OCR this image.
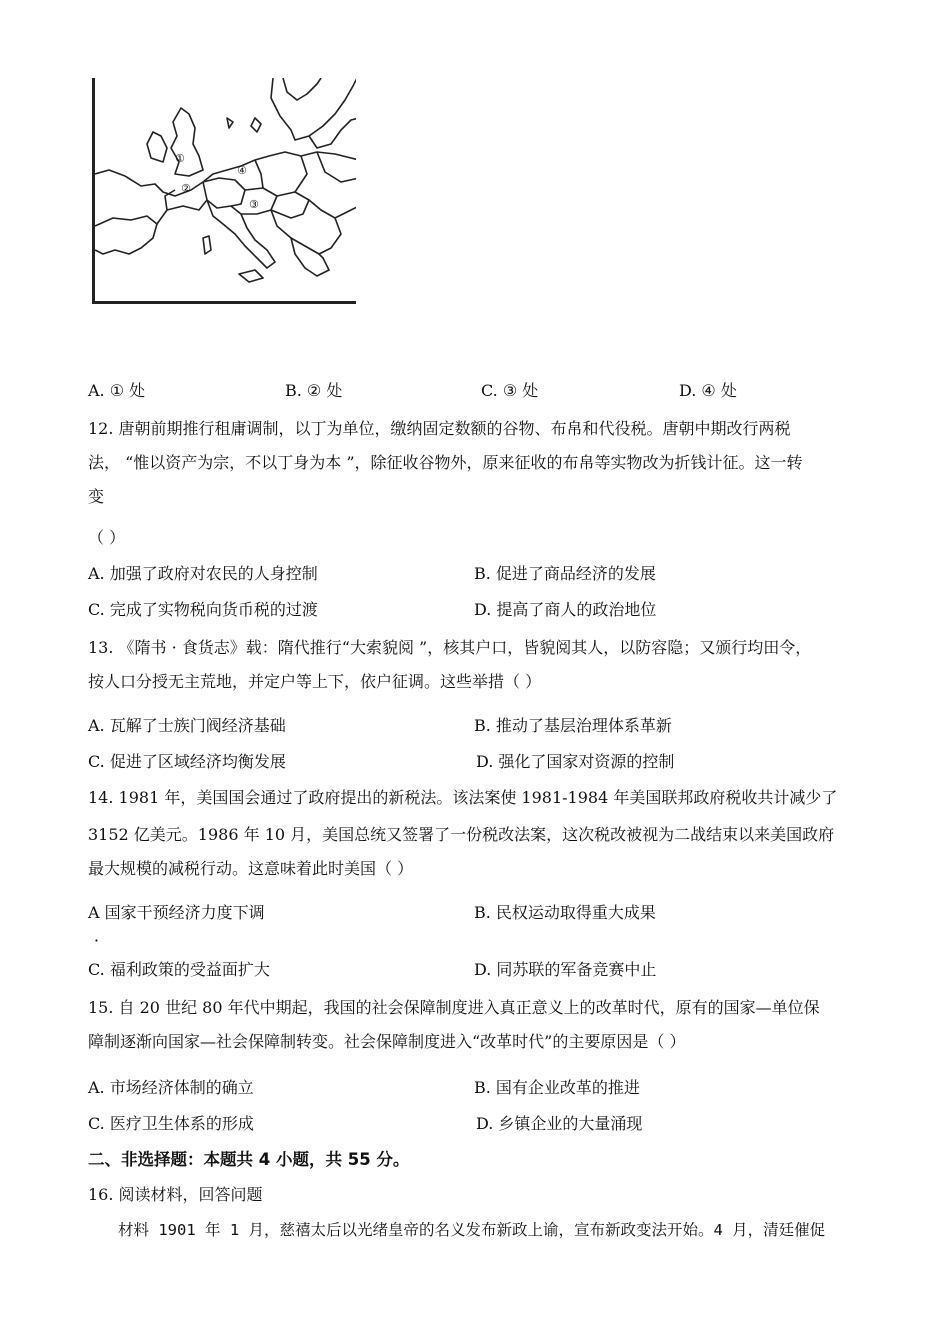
①
②
③
④
A. ① 处	B. ② 处	C. ③ 处	D. ④ 处
12. 唐朝前期推行租庸调制，以丁为单位，缴纳固定数额的谷物、布帛和代役税。唐朝中期改行两税
法， “惟以资产为宗，不以丁身为本 ”，除征收谷物外，原来征收的布帛等实物改为折钱计征。这一转
变
（ ）
A. 加强了政府对农民的人身控制	B. 促进了商品经济的发展
C. 完成了实物税向货币税的过渡	D. 提高了商人的政治地位
13. 《隋书 · 食货志》载：隋代推行“大索貌阅 ”，核其户口，皆貌阅其人，以防容隐；又颁行均田令，
按人口分授无主荒地，并定户等上下，依户征调。这些举措（ ）
A. 瓦解了士族门阀经济基础	B. 推动了基层治理体系革新
C. 促进了区域经济均衡发展	D. 强化了国家对资源的控制
14. 1981 年，美国国会通过了政府提出的新税法。该法案使 1981-1984 年美国联邦政府税收共计减少了
3152 亿美元。1986 年 10 月，美国总统又签署了一份税改法案，这次税改被视为二战结束以来美国政府
最大规模的减税行动。这意味着此时美国（ ）
A 国家干预经济力度下调
．
B. 民权运动取得重大成果
C. 福利政策的受益面扩大	D. 同苏联的军备竞赛中止
15. 自 20 世纪 80 年代中期起，我国的社会保障制度进入真正意义上的改革时代，原有的国家—单位保
障制逐渐向国家—社会保障制转变。社会保障制度进入“改革时代”的主要原因是（ ）
A. 市场经济体制的确立	B. 国有企业改革的推进
C. 医疗卫生体系的形成	D. 乡镇企业的大量涌现
二、非选择题：本题共 4 小题，共 55 分。
16. 阅读材料，回答问题
材料 1901 年 1 月，慈禧太后以光绪皇帝的名义发布新政上谕，宣布新政变法开始。4 月，清廷催促
